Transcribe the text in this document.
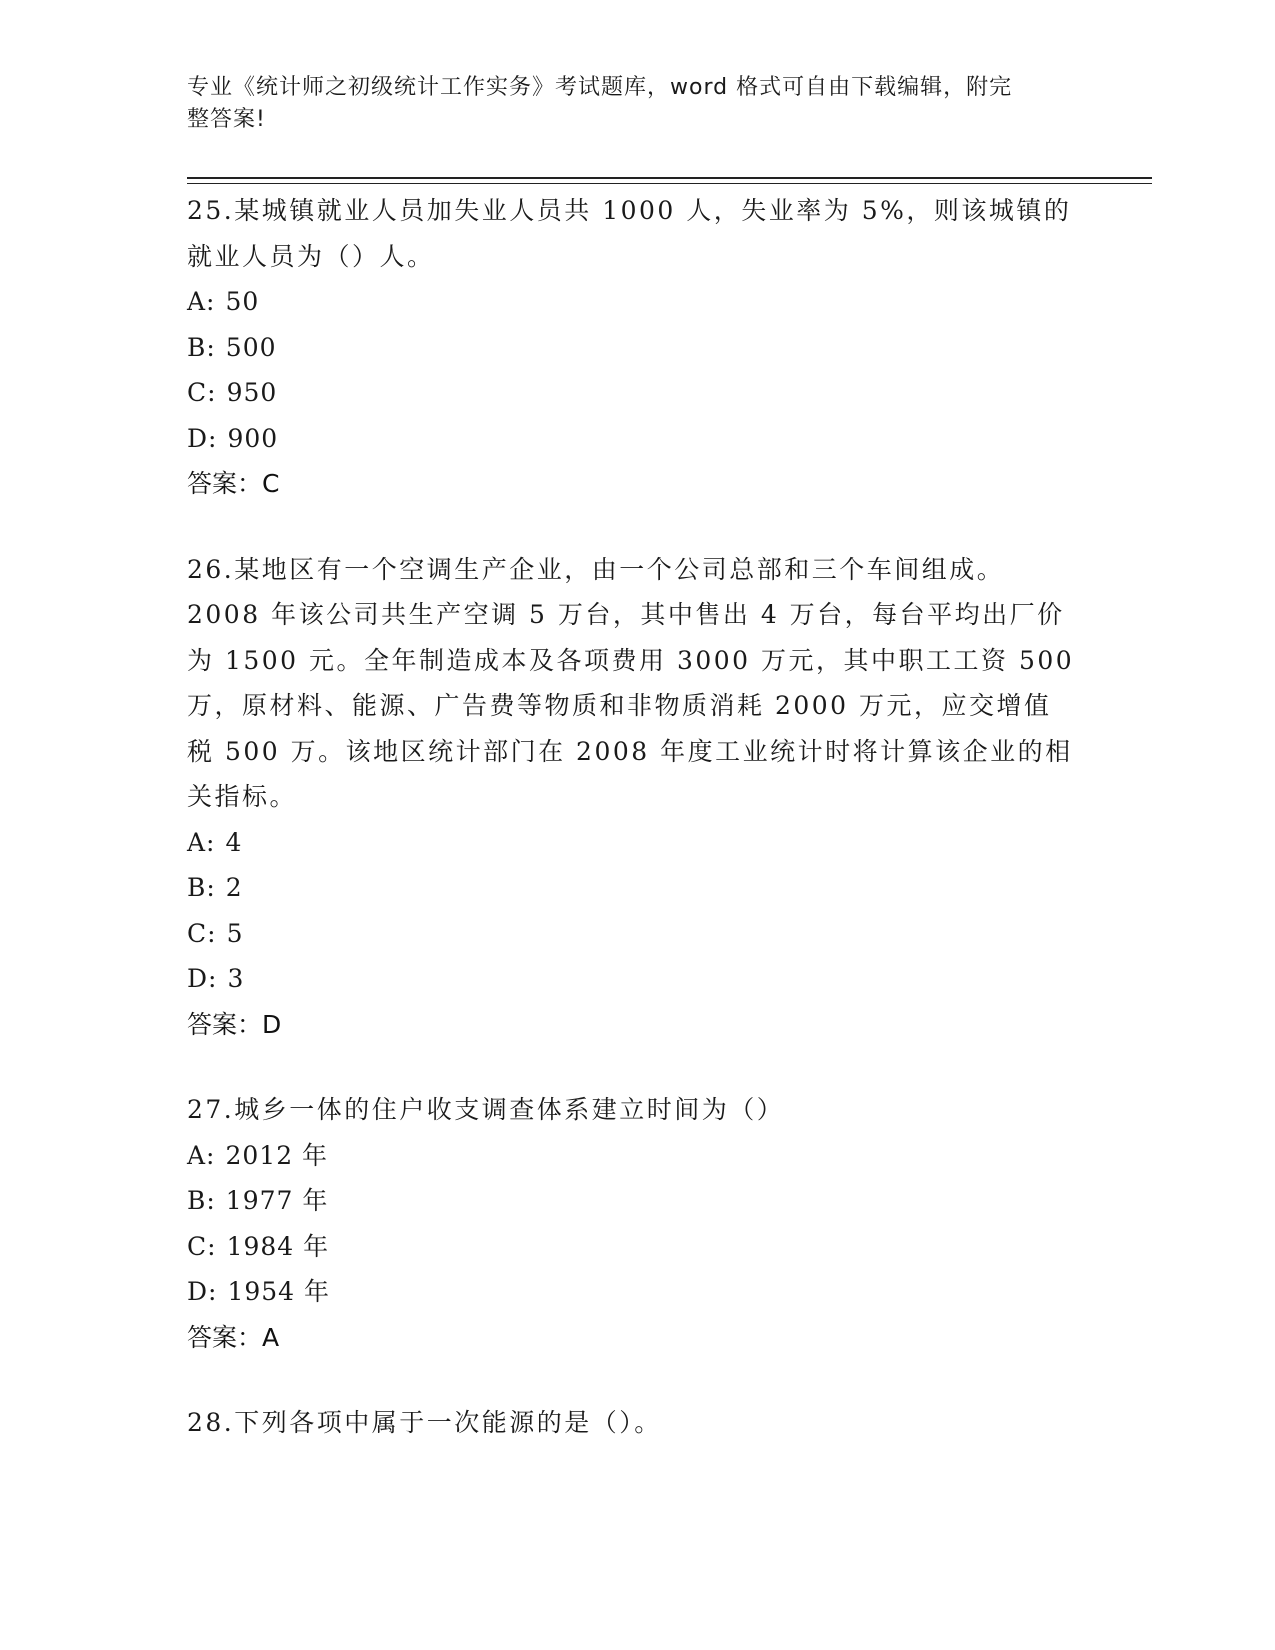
专业《统计师之初级统计工作实务》考试题库，word 格式可自由下载编辑，附完
整答案!

25.某城镇就业人员加失业人员共 1000 人，失业率为 5%，则该城镇的

就业人员为（）人。

A: 50

B: 500

C: 950

D: 900

答案：C

26.某地区有一个空调生产企业，由一个公司总部和三个车间组成。

2008 年该公司共生产空调 5 万台，其中售出 4 万台，每台平均出厂价

为 1500 元。全年制造成本及各项费用 3000 万元，其中职工工资 500

万，原材料、能源、广告费等物质和非物质消耗 2000 万元，应交增值

税 500 万。该地区统计部门在 2008 年度工业统计时将计算该企业的相

关指标。

A: 4

B: 2

C: 5

D: 3

答案：D

27.城乡一体的住户收支调查体系建立时间为（）

A: 2012 年

B: 1977 年

C: 1984 年

D: 1954 年

答案：A

28.下列各项中属于一次能源的是（）。
